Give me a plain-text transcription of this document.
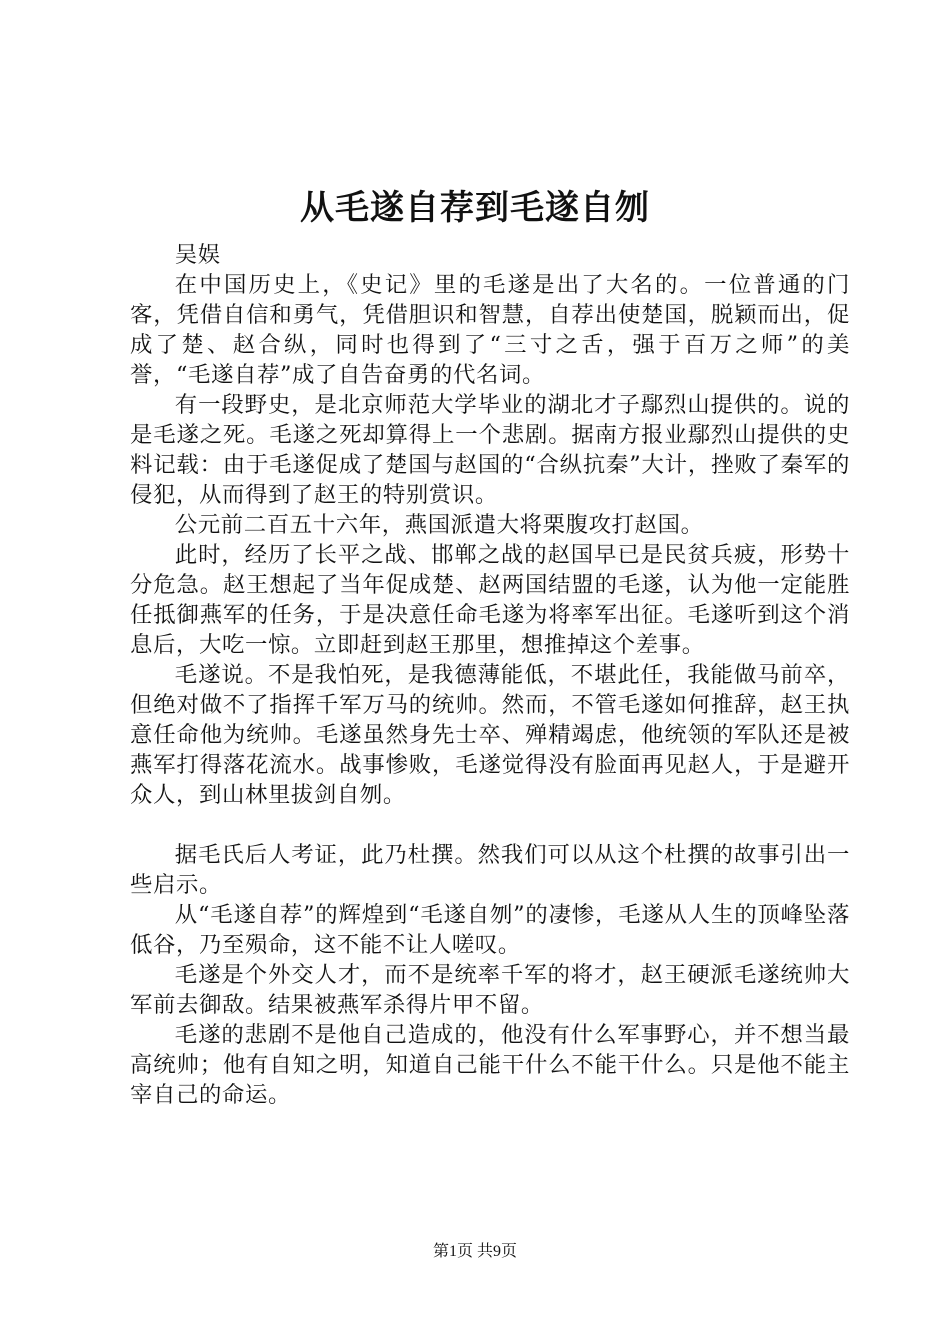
从毛遂自荐到毛遂自刎

吴娱

在中国历史上，《史记》里的毛遂是出了大名的。一位普通的门客，凭借自信和勇气，凭借胆识和智慧，自荐出使楚国，脱颖而出，促成了楚、赵合纵，同时也得到了“三寸之舌，强于百万之师”的美誉，“毛遂自荐”成了自告奋勇的代名词。

有一段野史，是北京师范大学毕业的湖北才子鄢烈山提供的。说的是毛遂之死。毛遂之死却算得上一个悲剧。据南方报业鄢烈山提供的史料记载：由于毛遂促成了楚国与赵国的“合纵抗秦”大计，挫败了秦军的侵犯，从而得到了赵王的特别赏识。

公元前二百五十六年，燕国派遣大将栗腹攻打赵国。

此时，经历了长平之战、邯郸之战的赵国早已是民贫兵疲，形势十分危急。赵王想起了当年促成楚、赵两国结盟的毛遂，认为他一定能胜任抵御燕军的任务，于是决意任命毛遂为将率军出征。毛遂听到这个消息后，大吃一惊。立即赶到赵王那里，想推掉这个差事。

毛遂说。不是我怕死，是我德薄能低，不堪此任，我能做马前卒，但绝对做不了指挥千军万马的统帅。然而，不管毛遂如何推辞，赵王执意任命他为统帅。毛遂虽然身先士卒、殚精竭虑，他统领的军队还是被燕军打得落花流水。战事惨败，毛遂觉得没有脸面再见赵人，于是避开众人，到山林里拔剑自刎。

据毛氏后人考证，此乃杜撰。然我们可以从这个杜撰的故事引出一些启示。

从“毛遂自荐”的辉煌到“毛遂自刎”的凄惨，毛遂从人生的顶峰坠落低谷，乃至殒命，这不能不让人嗟叹。

毛遂是个外交人才，而不是统率千军的将才，赵王硬派毛遂统帅大军前去御敌。结果被燕军杀得片甲不留。

毛遂的悲剧不是他自己造成的，他没有什么军事野心，并不想当最高统帅；他有自知之明，知道自己能干什么不能干什么。只是他不能主宰自己的命运。

第1页 共9页
